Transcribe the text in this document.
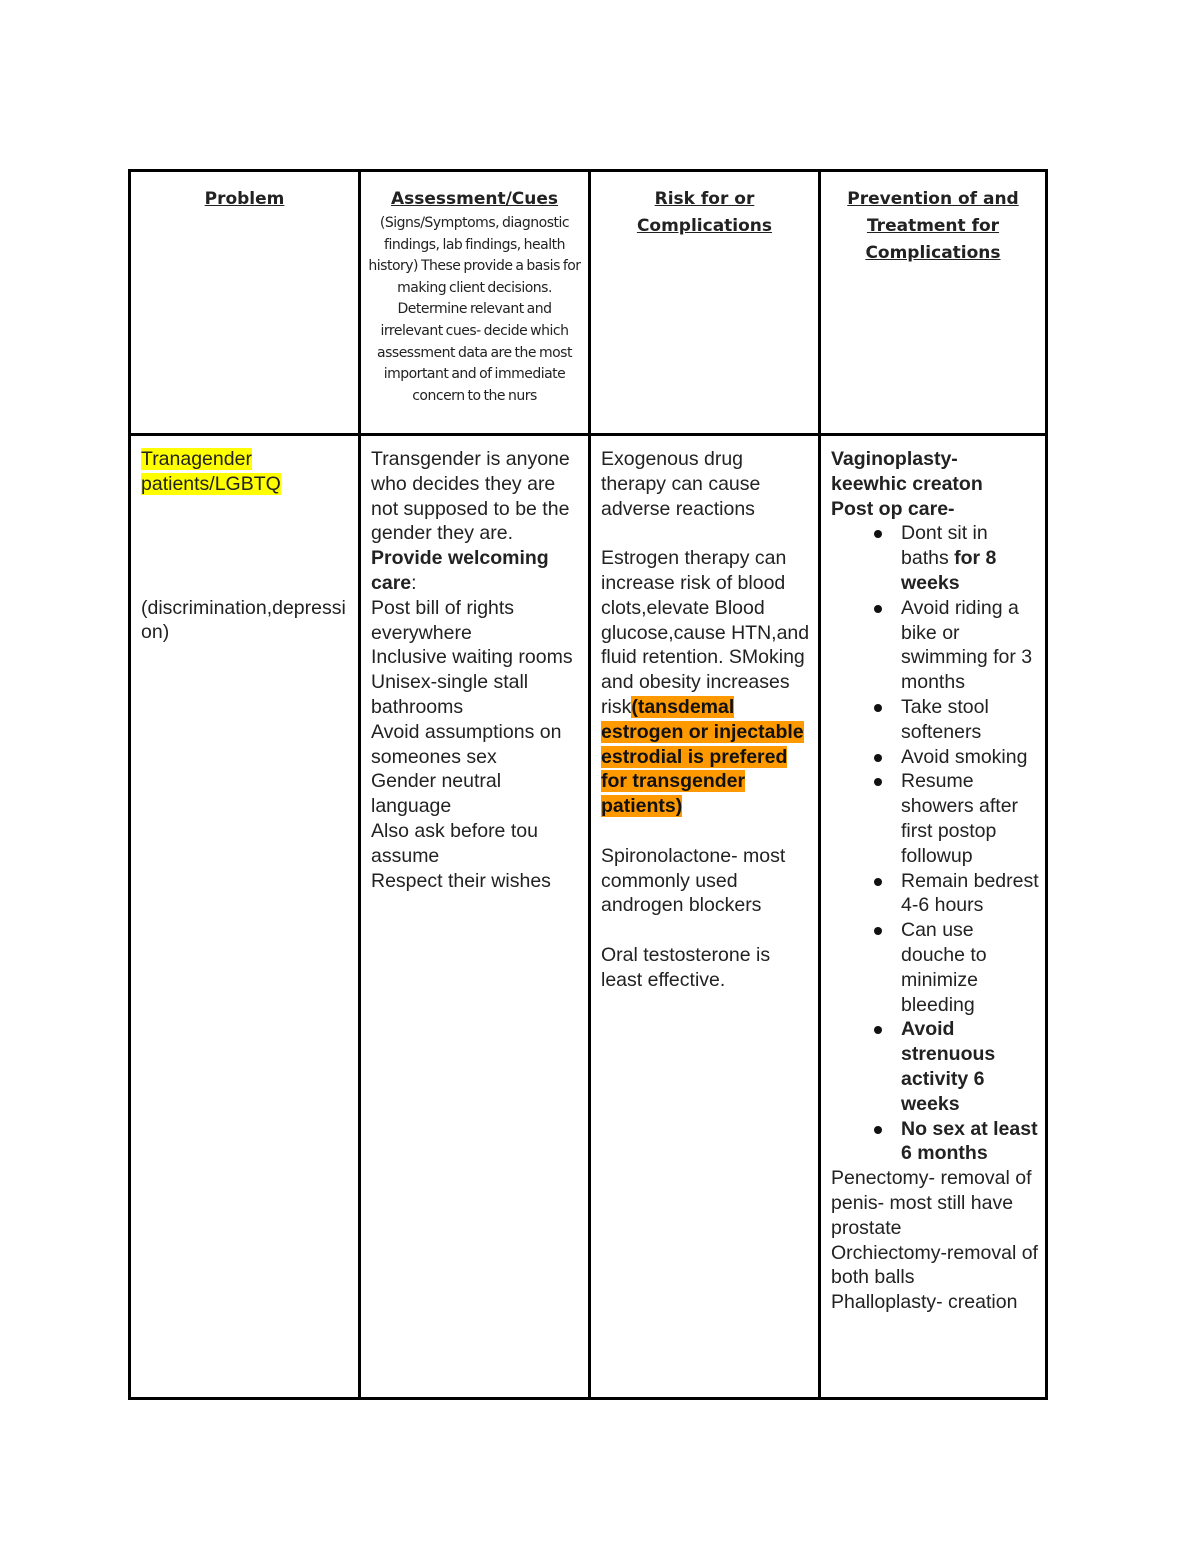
Problem	Assessment/Cues
(Signs/Symptoms, diagnostic findings, lab findings, health history) These provide a basis for making client decisions. Determine relevant and irrelevant cues- decide which assessment data are the most important and of immediate concern to the nurs
Risk for or Complications
Prevention of and Treatment for Complications

Tranagender patients/LGBTQ

(discrimination,depression)

Transgender is anyone who decides they are not supposed to be the gender they are.

Provide welcoming care:

Post bill of rights everywhere

Inclusive waiting rooms

Unisex-single stall bathrooms

Avoid assumptions on someones sex

Gender neutral language

Also ask before tou assume

Respect their wishes

Exogenous drug therapy can cause adverse reactions

Estrogen therapy can increase risk of blood clots,elevate Blood glucose,cause HTN,and fluid retention. SMoking and obesity increases risk(tansdemal estrogen or injectable estrodial is prefered for transgender patients)

Spironolactone- most commonly used androgen blockers

Oral testosterone is least effective.

Vaginoplasty- keewhic creaton

Post op care-

Dont sit in baths for 8 weeks
Avoid riding a bike or swimming for 3 months
Take stool softeners
Avoid smoking
Resume showers after first postop followup
Remain bedrest 4-6 hours
Can use douche to minimize bleeding
Avoid strenuous activity 6 weeks
No sex at least 6 months

Penectomy- removal of penis- most still have prostate

Orchiectomy-removal of both balls

Phalloplasty- creation
